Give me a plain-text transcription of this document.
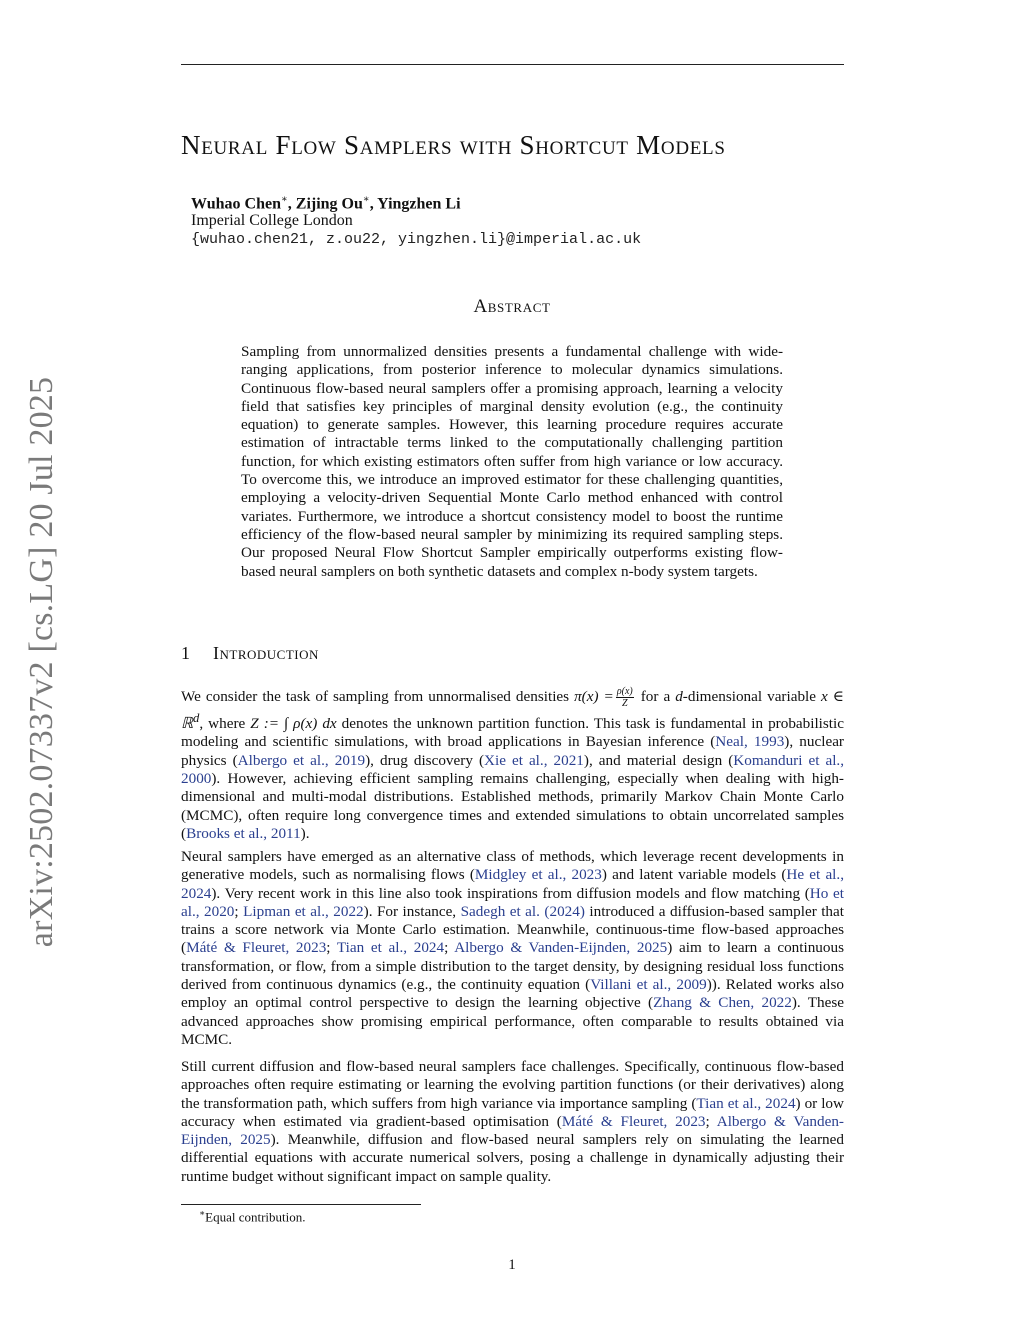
arXiv:2502.07337v2 [cs.LG] 20 Jul 2025
Neural Flow Samplers with Shortcut Models
Wuhao Chen∗, Zijing Ou∗, Yingzhen Li
Imperial College London
{wuhao.chen21, z.ou22, yingzhen.li}@imperial.ac.uk
Abstract
Sampling from unnormalized densities presents a fundamental challenge with wide-ranging applications, from posterior inference to molecular dynamics simulations. Continuous flow-based neural samplers offer a promising approach, learning a velocity field that satisfies key principles of marginal density evolution (e.g., the continuity equation) to generate samples. However, this learning procedure requires accurate estimation of intractable terms linked to the computationally challenging partition function, for which existing estimators often suffer from high variance or low accuracy. To overcome this, we introduce an improved estimator for these challenging quantities, employing a velocity-driven Sequential Monte Carlo method enhanced with control variates. Furthermore, we introduce a shortcut consistency model to boost the runtime efficiency of the flow-based neural sampler by minimizing its required sampling steps. Our proposed Neural Flow Shortcut Sampler empirically outperforms existing flow-based neural samplers on both synthetic datasets and complex n-body system targets.
1 Introduction
We consider the task of sampling from unnormalised densities $\pi(x) = \frac{\rho(x)}{Z}$ for a d-dimensional variable x ∈ ℝ$^d$, where Z := ∫ ρ(x) dx denotes the unknown partition function. This task is fundamental in probabilistic modeling and scientific simulations, with broad applications in Bayesian inference (Neal, 1993), nuclear physics (Albergo et al., 2019), drug discovery (Xie et al., 2021), and material design (Komanduri et al., 2000). However, achieving efficient sampling remains challenging, especially when dealing with high-dimensional and multi-modal distributions. Established methods, primarily Markov Chain Monte Carlo (MCMC), often require long convergence times and extended simulations to obtain uncorrelated samples (Brooks et al., 2011).
Neural samplers have emerged as an alternative class of methods, which leverage recent developments in generative models, such as normalising flows (Midgley et al., 2023) and latent variable models (He et al., 2024). Very recent work in this line also took inspirations from diffusion models and flow matching (Ho et al., 2020; Lipman et al., 2022). For instance, Sadegh et al. (2024) introduced a diffusion-based sampler that trains a score network via Monte Carlo estimation. Meanwhile, continuous-time flow-based approaches (Máté & Fleuret, 2023; Tian et al., 2024; Albergo & Vanden-Eijnden, 2025) aim to learn a continuous transformation, or flow, from a simple distribution to the target density, by designing residual loss functions derived from continuous dynamics (e.g., the continuity equation (Villani et al., 2009)). Related works also employ an optimal control perspective to design the learning objective (Zhang & Chen, 2022). These advanced approaches show promising empirical performance, often comparable to results obtained via MCMC.
Still current diffusion and flow-based neural samplers face challenges. Specifically, continuous flow-based approaches often require estimating or learning the evolving partition functions (or their derivatives) along the transformation path, which suffers from high variance via importance sampling (Tian et al., 2024) or low accuracy when estimated via gradient-based optimisation (Máté & Fleuret, 2023; Albergo & Vanden-Eijnden, 2025). Meanwhile, diffusion and flow-based neural samplers rely on simulating the learned differential equations with accurate numerical solvers, posing a challenge in dynamically adjusting their runtime budget without significant impact on sample quality.
∗Equal contribution.
1
